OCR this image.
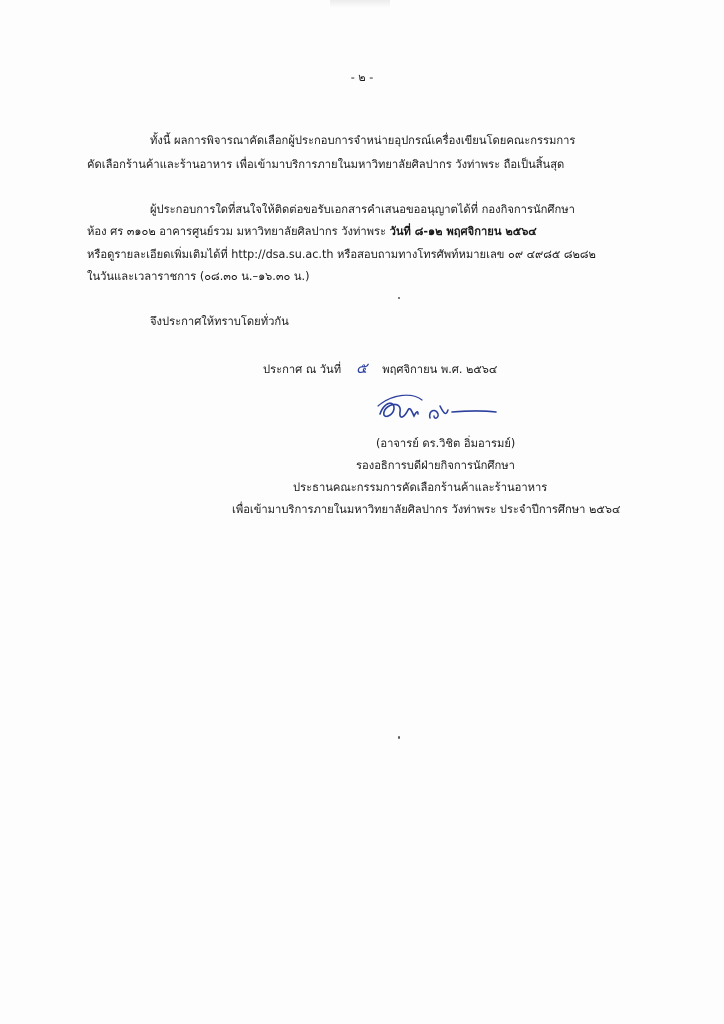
- ๒ -
ทั้งนี้ ผลการพิจารณาคัดเลือกผู้ประกอบการจำหน่ายอุปกรณ์เครื่องเขียนโดยคณะกรรมการ
คัดเลือกร้านค้าและร้านอาหาร เพื่อเข้ามาบริการภายในมหาวิทยาลัยศิลปากร วังท่าพระ ถือเป็นสิ้นสุด
ผู้ประกอบการใดที่สนใจให้ติดต่อขอรับเอกสารคำเสนอขออนุญาตได้ที่ กองกิจการนักศึกษา
ห้อง ศร ๓๑๐๒ อาคารศูนย์รวม มหาวิทยาลัยศิลปากร วังท่าพระ วันที่ ๘-๑๒ พฤศจิกายน ๒๕๖๔
หรือดูรายละเอียดเพิ่มเติมได้ที่ http://dsa.su.ac.th หรือสอบถามทางโทรศัพท์หมายเลข ๐๙ ๔๙๘๕ ๘๒๘๒
ในวันและเวลาราชการ (๐๘.๓๐ น.–๑๖.๓๐ น.)
จึงประกาศให้ทราบโดยทั่วกัน
ประกาศ ณ วันที่ ๕ พฤศจิกายน พ.ศ. ๒๕๖๔
(อาจารย์ ดร.วิชิต อิ่มอารมย์)
รองอธิการบดีฝ่ายกิจการนักศึกษา
ประธานคณะกรรมการคัดเลือกร้านค้าและร้านอาหาร
เพื่อเข้ามาบริการภายในมหาวิทยาลัยศิลปากร วังท่าพระ ประจำปีการศึกษา ๒๕๖๔
